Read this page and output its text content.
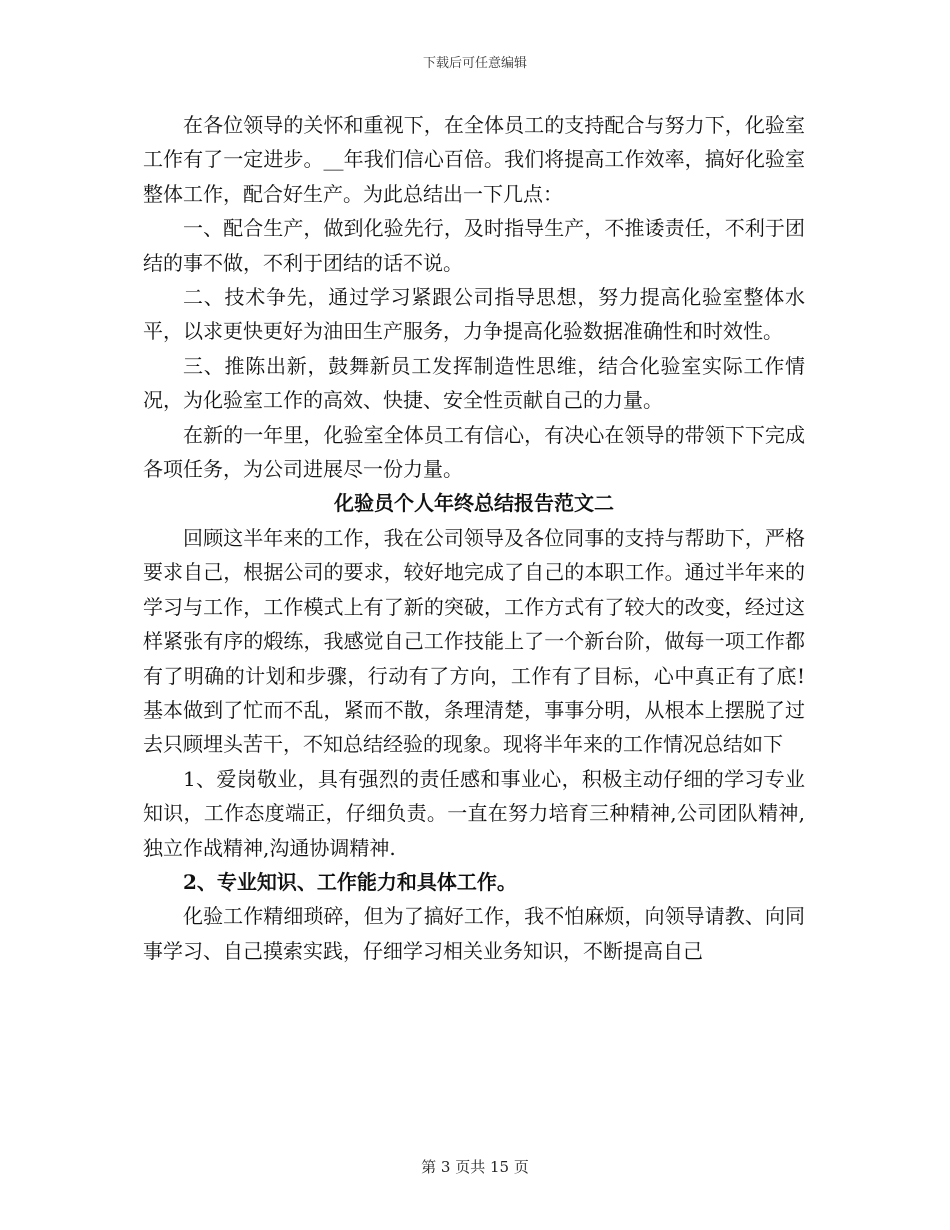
下载后可任意编辑

在各位领导的关怀和重视下，在全体员工的支持配合与努力下，化验室工作有了一定进步。__年我们信心百倍。我们将提高工作效率，搞好化验室整体工作，配合好生产。为此总结出一下几点：

一、配合生产，做到化验先行，及时指导生产，不推诿责任，不利于团结的事不做，不利于团结的话不说。

二、技术争先，通过学习紧跟公司指导思想，努力提高化验室整体水平，以求更快更好为油田生产服务，力争提高化验数据准确性和时效性。

三、推陈出新，鼓舞新员工发挥制造性思维，结合化验室实际工作情况，为化验室工作的高效、快捷、安全性贡献自己的力量。

在新的一年里，化验室全体员工有信心，有决心在领导的带领下下完成各项任务，为公司进展尽一份力量。

化验员个人年终总结报告范文二

回顾这半年来的工作，我在公司领导及各位同事的支持与帮助下，严格要求自己，根据公司的要求，较好地完成了自己的本职工作。通过半年来的学习与工作，工作模式上有了新的突破，工作方式有了较大的改变，经过这样紧张有序的煅练，我感觉自己工作技能上了一个新台阶，做每一项工作都有了明确的计划和步骤，行动有了方向，工作有了目标，心中真正有了底!基本做到了忙而不乱，紧而不散，条理清楚，事事分明，从根本上摆脱了过去只顾埋头苦干，不知总结经验的现象。现将半年来的工作情况总结如下

1、爱岗敬业，具有强烈的责任感和事业心，积极主动仔细的学习专业知识，工作态度端正，仔细负责。一直在努力培育三种精神,公司团队精神,独立作战精神,沟通协调精神.

2、专业知识、工作能力和具体工作。

化验工作精细琐碎，但为了搞好工作，我不怕麻烦，向领导请教、向同事学习、自己摸索实践，仔细学习相关业务知识，不断提高自己

第 3 页共 15 页
